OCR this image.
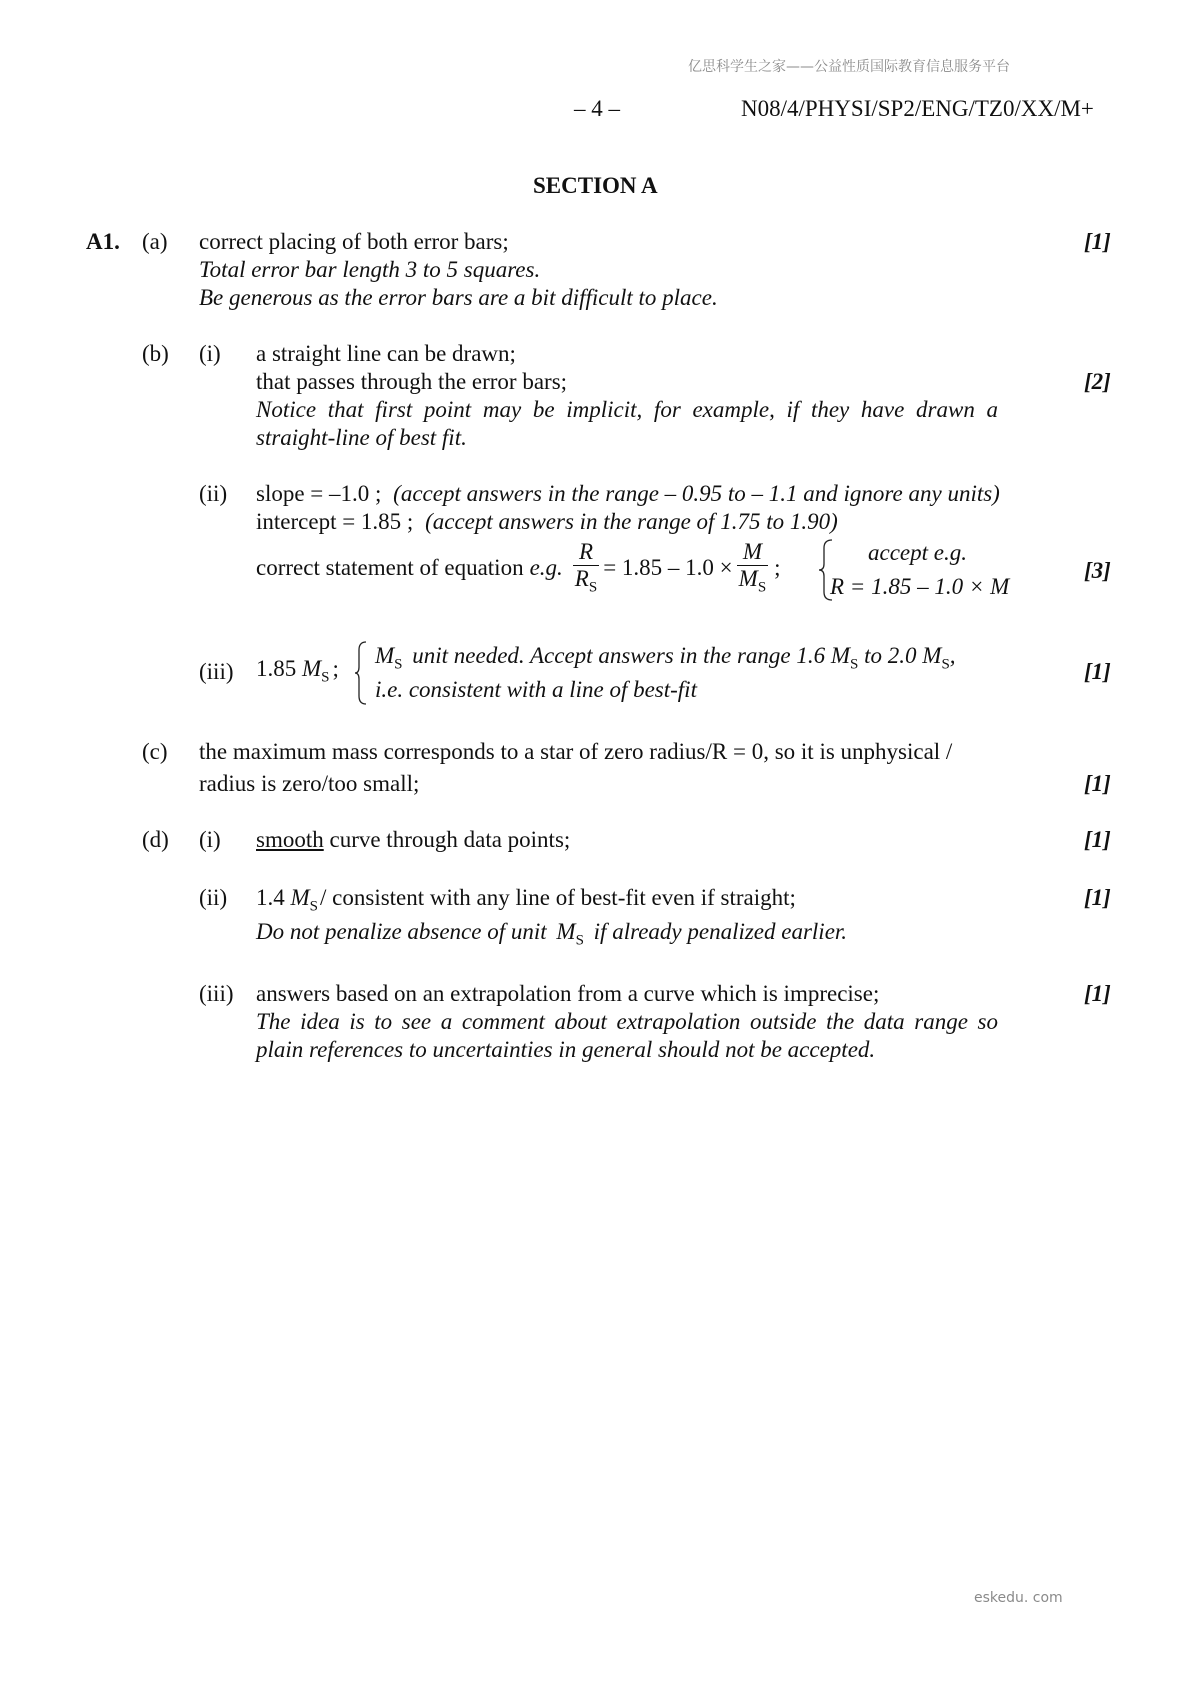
亿思科学生之家——公益性质国际教育信息服务平台
– 4 –	N08/4/PHYSI/SP2/ENG/TZ0/XX/M+
SECTION A
A1. (a) correct placing of both error bars;
Total error bar length 3 to 5 squares.
Be generous as the error bars are a bit difficult to place.
[1]
(b) (i) a straight line can be drawn;
that passes through the error bars;
Notice that first point may be implicit, for example, if they have drawn a
straight-line of best fit.
[2]
(ii) slope = –1.0 ; (accept answers in the range – 0.95 to – 1.1 and ignore any units)
intercept = 1.85 ; (accept answers in the range of 1.75 to 1.90)
correct statement of equation e.g. $\frac{R}{R_S} = 1.85 - 1.0 \times \frac{M}{M_S}$ ;
accept e.g.
R = 1.85 – 1.0 × M
[3]
(iii) 1.85 $M_S$ ;
$M_S$ unit needed. Accept answers in the range 1.6 $M_S$ to 2.0 $M_S$,
i.e. consistent with a line of best-fit
[1]
(c) the maximum mass corresponds to a star of zero radius/R = 0, so it is unphysical /
radius is zero/too small;	[1]
(d) (i) smooth curve through data points;	[1]
(ii) 1.4 $M_S/$ consistent with any line of best-fit even if straight;
Do not penalize absence of unit $M_S$ if already penalized earlier.
[1]
(iii) answers based on an extrapolation from a curve which is imprecise;
The idea is to see a comment about extrapolation outside the data range so
plain references to uncertainties in general should not be accepted.
[1]
eskedu. com
